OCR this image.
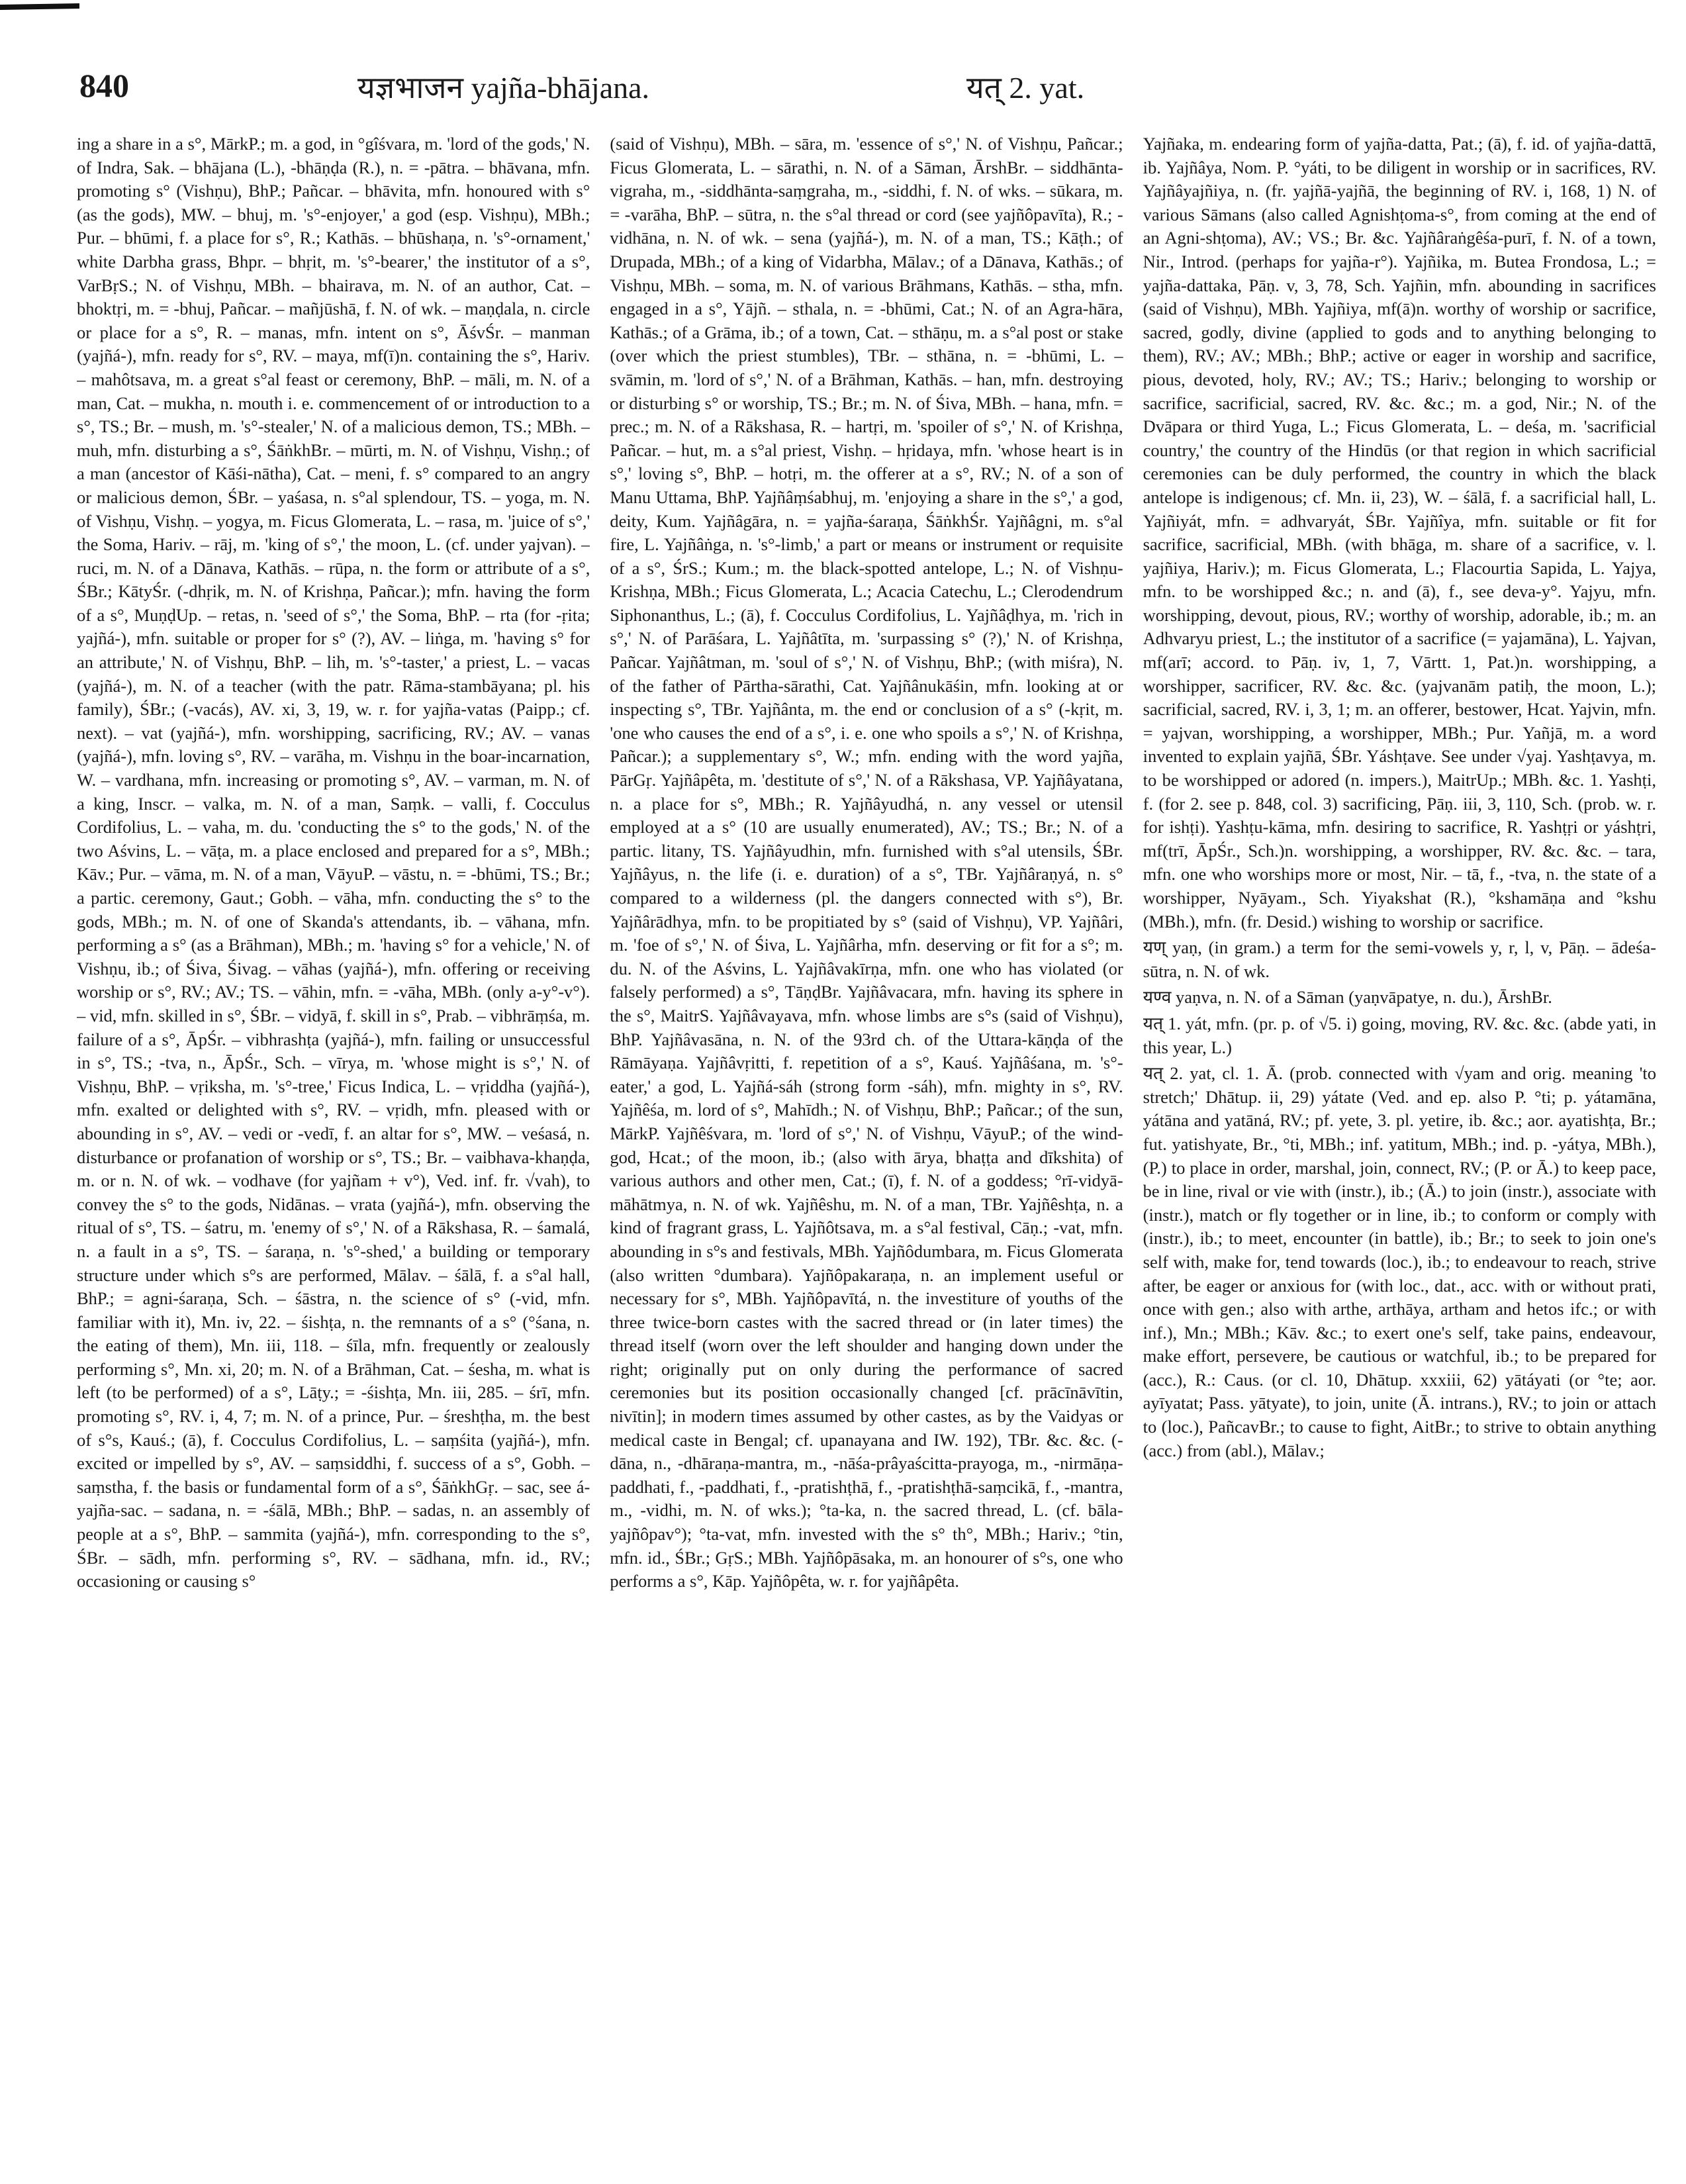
840	यज्ञभाजन yajña-bhājana.	यत् 2. yat.

ing a share in a s°, MārkP.; m. a god, in °gîśvara, m. 'lord of the gods,' N. of Indra, Sak. – bhājana (L.), -bhāṇḍa (R.), n. = -pātra. – bhāvana, mfn. promoting s° (Vishṇu), BhP.; Pañcar. – bhāvita, mfn. honoured with s° (as the gods), MW. – bhuj, m. 's°-enjoyer,' a god (esp. Vishṇu), MBh.; Pur. – bhūmi, f. a place for s°, R.; Kathās. – bhūshaṇa, n. 's°-ornament,' white Darbha grass, Bhpr. – bhṛit, m. 's°-bearer,' the institutor of a s°, VarBṛS.; N. of Vishṇu, MBh. – bhairava, m. N. of an author, Cat. – bhoktṛi, m. = -bhuj, Pañcar. – mañjūshā, f. N. of wk. – maṇḍala, n. circle or place for a s°, R. – manas, mfn. intent on s°, ĀśvŚr. – manman (yajñá-), mfn. ready for s°, RV. – maya, mf(ī)n. containing the s°, Hariv. – mahôtsava, m. a great s°al feast or ceremony, BhP. – māli, m. N. of a man, Cat. – mukha, n. mouth i. e. commencement of or introduction to a s°, TS.; Br. – mush, m. 's°-stealer,' N. of a malicious demon, TS.; MBh. – muh, mfn. disturbing a s°, ŚāṅkhBr. – mūrti, m. N. of Vishṇu, Vishṇ.; of a man (ancestor of Kāśi-nātha), Cat. – meni, f. s° compared to an angry or malicious demon, ŚBr. – yaśasa, n. s°al splendour, TS. – yoga, m. N. of Vishṇu, Vishṇ. – yogya, m. Ficus Glomerata, L. – rasa, m. 'juice of s°,' the Soma, Hariv. – rāj, m. 'king of s°,' the moon, L. (cf. under yajvan). – ruci, m. N. of a Dānava, Kathās. – rūpa, n. the form or attribute of a s°, ŚBr.; KātyŚr. (-dhṛik, m. N. of Krishṇa, Pañcar.); mfn. having the form of a s°, MuṇḍUp. – retas, n. 'seed of s°,' the Soma, BhP. – rta (for -ṛita; yajñá-), mfn. suitable or proper for s° (?), AV. – liṅga, m. 'having s° for an attribute,' N. of Vishṇu, BhP. – lih, m. 's°-taster,' a priest, L. – vacas (yajñá-), m. N. of a teacher (with the patr. Rāma-stambāyana; pl. his family), ŚBr.; (-vacás), AV. xi, 3, 19, w. r. for yajña-vatas (Paipp.; cf. next). – vat (yajñá-), mfn. worshipping, sacrificing, RV.; AV. – vanas (yajñá-), mfn. loving s°, RV. – varāha, m. Vishṇu in the boar-incarnation, W. – vardhana, mfn. increasing or promoting s°, AV. – varman, m. N. of a king, Inscr. – valka, m. N. of a man, Saṃk. – valli, f. Cocculus Cordifolius, L. – vaha, m. du. 'conducting the s° to the gods,' N. of the two Aśvins, L. – vāṭa, m. a place enclosed and prepared for a s°, MBh.; Kāv.; Pur. – vāma, m. N. of a man, VāyuP. – vāstu, n. = -bhūmi, TS.; Br.; a partic. ceremony, Gaut.; Gobh. – vāha, mfn. conducting the s° to the gods, MBh.; m. N. of one of Skanda's attendants, ib. – vāhana, mfn. performing a s° (as a Brāhman), MBh.; m. 'having s° for a vehicle,' N. of Vishṇu, ib.; of Śiva, Śivag. – vāhas (yajñá-), mfn. offering or receiving worship or s°, RV.; AV.; TS. – vāhin, mfn. = -vāha, MBh. (only a-y°-v°). – vid, mfn. skilled in s°, ŚBr. – vidyā, f. skill in s°, Prab. – vibhrāṃśa, m. failure of a s°, ĀpŚr. – vibhrashṭa (yajñá-), mfn. failing or unsuccessful in s°, TS.; -tva, n., ĀpŚr., Sch. – vīrya, m. 'whose might is s°,' N. of Vishṇu, BhP. – vṛiksha, m. 's°-tree,' Ficus Indica, L. – vṛiddha (yajñá-), mfn. exalted or delighted with s°, RV. – vṛidh, mfn. pleased with or abounding in s°, AV. – vedi or -vedī, f. an altar for s°, MW. – veśasá, n. disturbance or profanation of worship or s°, TS.; Br. – vaibhava-khaṇḍa, m. or n. N. of wk. – vodhave (for yajñam + v°), Ved. inf. fr. √vah), to convey the s° to the gods, Nidānas. – vrata (yajñá-), mfn. observing the ritual of s°, TS. – śatru, m. 'enemy of s°,' N. of a Rākshasa, R. – śamalá, n. a fault in a s°, TS. – śaraṇa, n. 's°-shed,' a building or temporary structure under which s°s are performed, Mālav. – śālā, f. a s°al hall, BhP.; = agni-śaraṇa, Sch. – śāstra, n. the science of s° (-vid, mfn. familiar with it), Mn. iv, 22. – śishṭa, n. the remnants of a s° (°śana, n. the eating of them), Mn. iii, 118. – śīla, mfn. frequently or zealously performing s°, Mn. xi, 20; m. N. of a Brāhman, Cat. – śesha, m. what is left (to be performed) of a s°, Lāṭy.; = -śishṭa, Mn. iii, 285. – śrī, mfn. promoting s°, RV. i, 4, 7; m. N. of a prince, Pur. – śreshṭha, m. the best of s°s, Kauś.; (ā), f. Cocculus Cordifolius, L. – saṃśita (yajñá-), mfn. excited or impelled by s°, AV. – saṃsiddhi, f. success of a s°, Gobh. – saṃstha, f. the basis or fundamental form of a s°, ŚāṅkhGṛ. – sac, see á-yajña-sac. – sadana, n. = -śālā, MBh.; BhP. – sadas, n. an assembly of people at a s°, BhP. – sammita (yajñá-), mfn. corresponding to the s°, ŚBr. – sādh, mfn. performing s°, RV. – sādhana, mfn. id., RV.; occasioning or causing s°

(said of Vishṇu), MBh. – sāra, m. 'essence of s°,' N. of Vishṇu, Pañcar.; Ficus Glomerata, L. – sārathi, n. N. of a Sāman, ĀrshBr. – siddhānta-vigraha, m., -siddhānta-saṃgraha, m., -siddhi, f. N. of wks. – sūkara, m. = -varāha, BhP. – sūtra, n. the s°al thread or cord (see yajñôpavīta), R.; -vidhāna, n. N. of wk. – sena (yajñá-), m. N. of a man, TS.; Kāṭh.; of Drupada, MBh.; of a king of Vidarbha, Mālav.; of a Dānava, Kathās.; of Vishṇu, MBh. – soma, m. N. of various Brāhmans, Kathās. – stha, mfn. engaged in a s°, Yājñ. – sthala, n. = -bhūmi, Cat.; N. of an Agra-hāra, Kathās.; of a Grāma, ib.; of a town, Cat. – sthāṇu, m. a s°al post or stake (over which the priest stumbles), TBr. – sthāna, n. = -bhūmi, L. – svāmin, m. 'lord of s°,' N. of a Brāhman, Kathās. – han, mfn. destroying or disturbing s° or worship, TS.; Br.; m. N. of Śiva, MBh. – hana, mfn. = prec.; m. N. of a Rākshasa, R. – hartṛi, m. 'spoiler of s°,' N. of Krishṇa, Pañcar. – hut, m. a s°al priest, Vishṇ. – hṛidaya, mfn. 'whose heart is in s°,' loving s°, BhP. – hotṛi, m. the offerer at a s°, RV.; N. of a son of Manu Uttama, BhP. Yajñâṃśabhuj, m. 'enjoying a share in the s°,' a god, deity, Kum. Yajñâgāra, n. = yajña-śaraṇa, ŚāṅkhŚr. Yajñâgni, m. s°al fire, L. Yajñâṅga, n. 's°-limb,' a part or means or instrument or requisite of a s°, ŚrS.; Kum.; m. the black-spotted antelope, L.; N. of Vishṇu-Krishṇa, MBh.; Ficus Glomerata, L.; Acacia Catechu, L.; Clerodendrum Siphonanthus, L.; (ā), f. Cocculus Cordifolius, L. Yajñâḍhya, m. 'rich in s°,' N. of Parāśara, L. Yajñâtīta, m. 'surpassing s° (?),' N. of Krishṇa, Pañcar. Yajñâtman, m. 'soul of s°,' N. of Vishṇu, BhP.; (with miśra), N. of the father of Pārtha-sārathi, Cat. Yajñânukāśin, mfn. looking at or inspecting s°, TBr. Yajñânta, m. the end or conclusion of a s° (-kṛit, m. 'one who causes the end of a s°, i. e. one who spoils a s°,' N. of Krishṇa, Pañcar.); a supplementary s°, W.; mfn. ending with the word yajña, PārGṛ. Yajñâpêta, m. 'destitute of s°,' N. of a Rākshasa, VP. Yajñâyatana, n. a place for s°, MBh.; R. Yajñâyudhá, n. any vessel or utensil employed at a s° (10 are usually enumerated), AV.; TS.; Br.; N. of a partic. litany, TS. Yajñâyudhin, mfn. furnished with s°al utensils, ŚBr. Yajñâyus, n. the life (i. e. duration) of a s°, TBr. Yajñâraṇyá, n. s° compared to a wilderness (pl. the dangers connected with s°), Br. Yajñârādhya, mfn. to be propitiated by s° (said of Vishṇu), VP. Yajñâri, m. 'foe of s°,' N. of Śiva, L. Yajñârha, mfn. deserving or fit for a s°; m. du. N. of the Aśvins, L. Yajñâvakīrṇa, mfn. one who has violated (or falsely performed) a s°, TāṇḍBr. Yajñâvacara, mfn. having its sphere in the s°, MaitrS. Yajñâvayava, mfn. whose limbs are s°s (said of Vishṇu), BhP. Yajñâvasāna, n. N. of the 93rd ch. of the Uttara-kāṇḍa of the Rāmāyaṇa. Yajñâvṛitti, f. repetition of a s°, Kauś. Yajñâśana, m. 's°-eater,' a god, L. Yajñá-sáh (strong form -sáh), mfn. mighty in s°, RV. Yajñêśa, m. lord of s°, Mahīdh.; N. of Vishṇu, BhP.; Pañcar.; of the sun, MārkP. Yajñêśvara, m. 'lord of s°,' N. of Vishṇu, VāyuP.; of the wind-god, Hcat.; of the moon, ib.; (also with ārya, bhaṭṭa and dīkshita) of various authors and other men, Cat.; (ī), f. N. of a goddess; °rī-vidyā-māhātmya, n. N. of wk. Yajñêshu, m. N. of a man, TBr. Yajñêshṭa, n. a kind of fragrant grass, L. Yajñôtsava, m. a s°al festival, Cāṇ.; -vat, mfn. abounding in s°s and festivals, MBh. Yajñôdumbara, m. Ficus Glomerata (also written °dumbara). Yajñôpakaraṇa, n. an implement useful or necessary for s°, MBh. Yajñôpavītá, n. the investiture of youths of the three twice-born castes with the sacred thread or (in later times) the thread itself (worn over the left shoulder and hanging down under the right; originally put on only during the performance of sacred ceremonies but its position occasionally changed [cf. prācīnāvītin, nivītin]; in modern times assumed by other castes, as by the Vaidyas or medical caste in Bengal; cf. upanayana and IW. 192), TBr. &c. &c. (-dāna, n., -dhāraṇa-mantra, m., -nāśa-prâyaścitta-prayoga, m., -nirmāṇa-paddhati, f., -paddhati, f., -pratishṭhā, f., -pratishṭhā-saṃcikā, f., -mantra, m., -vidhi, m. N. of wks.); °ta-ka, n. the sacred thread, L. (cf. bāla-yajñôpav°); °ta-vat, mfn. invested with the s° th°, MBh.; Hariv.; °tin, mfn. id., ŚBr.; GṛS.; MBh. Yajñôpāsaka, m. an honourer of s°s, one who performs a s°, Kāp. Yajñôpêta, w. r. for yajñâpêta.

Yajñaka, m. endearing form of yajña-datta, Pat.; (ā), f. id. of yajña-dattā, ib. Yajñâya, Nom. P. °yáti, to be diligent in worship or in sacrifices, RV. Yajñâyajñiya, n. (fr. yajñā-yajñā, the beginning of RV. i, 168, 1) N. of various Sāmans (also called Agnishṭoma-s°, from coming at the end of an Agni-shṭoma), AV.; VS.; Br. &c. Yajñâraṅgêśa-purī, f. N. of a town, Nir., Introd. (perhaps for yajña-r°). Yajñika, m. Butea Frondosa, L.; = yajña-dattaka, Pāṇ. v, 3, 78, Sch. Yajñin, mfn. abounding in sacrifices (said of Vishṇu), MBh. Yajñiya, mf(ā)n. worthy of worship or sacrifice, sacred, godly, divine (applied to gods and to anything belonging to them), RV.; AV.; MBh.; BhP.; active or eager in worship and sacrifice, pious, devoted, holy, RV.; AV.; TS.; Hariv.; belonging to worship or sacrifice, sacrificial, sacred, RV. &c. &c.; m. a god, Nir.; N. of the Dvāpara or third Yuga, L.; Ficus Glomerata, L. – deśa, m. 'sacrificial country,' the country of the Hindūs (or that region in which sacrificial ceremonies can be duly performed, the country in which the black antelope is indigenous; cf. Mn. ii, 23), W. – śālā, f. a sacrificial hall, L. Yajñiyát, mfn. = adhvaryát, ŚBr. Yajñîya, mfn. suitable or fit for sacrifice, sacrificial, MBh. (with bhāga, m. share of a sacrifice, v. l. yajñiya, Hariv.); m. Ficus Glomerata, L.; Flacourtia Sapida, L. Yajya, mfn. to be worshipped &c.; n. and (ā), f., see deva-y°. Yajyu, mfn. worshipping, devout, pious, RV.; worthy of worship, adorable, ib.; m. an Adhvaryu priest, L.; the institutor of a sacrifice (= yajamāna), L. Yajvan, mf(arī; accord. to Pāṇ. iv, 1, 7, Vārtt. 1, Pat.)n. worshipping, a worshipper, sacrificer, RV. &c. &c. (yajvanām patiḥ, the moon, L.); sacrificial, sacred, RV. i, 3, 1; m. an offerer, bestower, Hcat. Yajvin, mfn. = yajvan, worshipping, a worshipper, MBh.; Pur. Yañjā, m. a word invented to explain yajñā, ŚBr. Yáshṭave. See under √yaj. Yashṭavya, m. to be worshipped or adored (n. impers.), MaitrUp.; MBh. &c. 1. Yashṭi, f. (for 2. see p. 848, col. 3) sacrificing, Pāṇ. iii, 3, 110, Sch. (prob. w. r. for ishṭi). Yashṭu-kāma, mfn. desiring to sacrifice, R. Yashṭṛi or yáshṭri, mf(trī, ĀpŚr., Sch.)n. worshipping, a worshipper, RV. &c. &c. – tara, mfn. one who worships more or most, Nir. – tā, f., -tva, n. the state of a worshipper, Nyāyam., Sch. Yiyakshat (R.), °kshamāṇa and °kshu (MBh.), mfn. (fr. Desid.) wishing to worship or sacrifice.

यण् yaṇ, (in gram.) a term for the semi-vowels y, r, l, v, Pāṇ. – ādeśa-sūtra, n. N. of wk.

यण्व yaṇva, n. N. of a Sāman (yaṇvāpatye, n. du.), ĀrshBr.

यत् 1. yát, mfn. (pr. p. of √5. i) going, moving, RV. &c. &c. (abde yati, in this year, L.)

यत् 2. yat, cl. 1. Ā. (prob. connected with √yam and orig. meaning 'to stretch;' Dhātup. ii, 29) yátate (Ved. and ep. also P. °ti; p. yátamāna, yátāna and yatāná, RV.; pf. yete, 3. pl. yetire, ib. &c.; aor. ayatishṭa, Br.; fut. yatishyate, Br., °ti, MBh.; inf. yatitum, MBh.; ind. p. -yátya, MBh.), (P.) to place in order, marshal, join, connect, RV.; (P. or Ā.) to keep pace, be in line, rival or vie with (instr.), ib.; (Ā.) to join (instr.), associate with (instr.), match or fly together or in line, ib.; to conform or comply with (instr.), ib.; to meet, encounter (in battle), ib.; Br.; to seek to join one's self with, make for, tend towards (loc.), ib.; to endeavour to reach, strive after, be eager or anxious for (with loc., dat., acc. with or without prati, once with gen.; also with arthe, arthāya, artham and hetos ifc.; or with inf.), Mn.; MBh.; Kāv. &c.; to exert one's self, take pains, endeavour, make effort, persevere, be cautious or watchful, ib.; to be prepared for (acc.), R.: Caus. (or cl. 10, Dhātup. xxxiii, 62) yātáyati (or °te; aor. ayīyatat; Pass. yātyate), to join, unite (Ā. intrans.), RV.; to join or attach to (loc.), PañcavBr.; to cause to fight, AitBr.; to strive to obtain anything (acc.) from (abl.), Mālav.;
